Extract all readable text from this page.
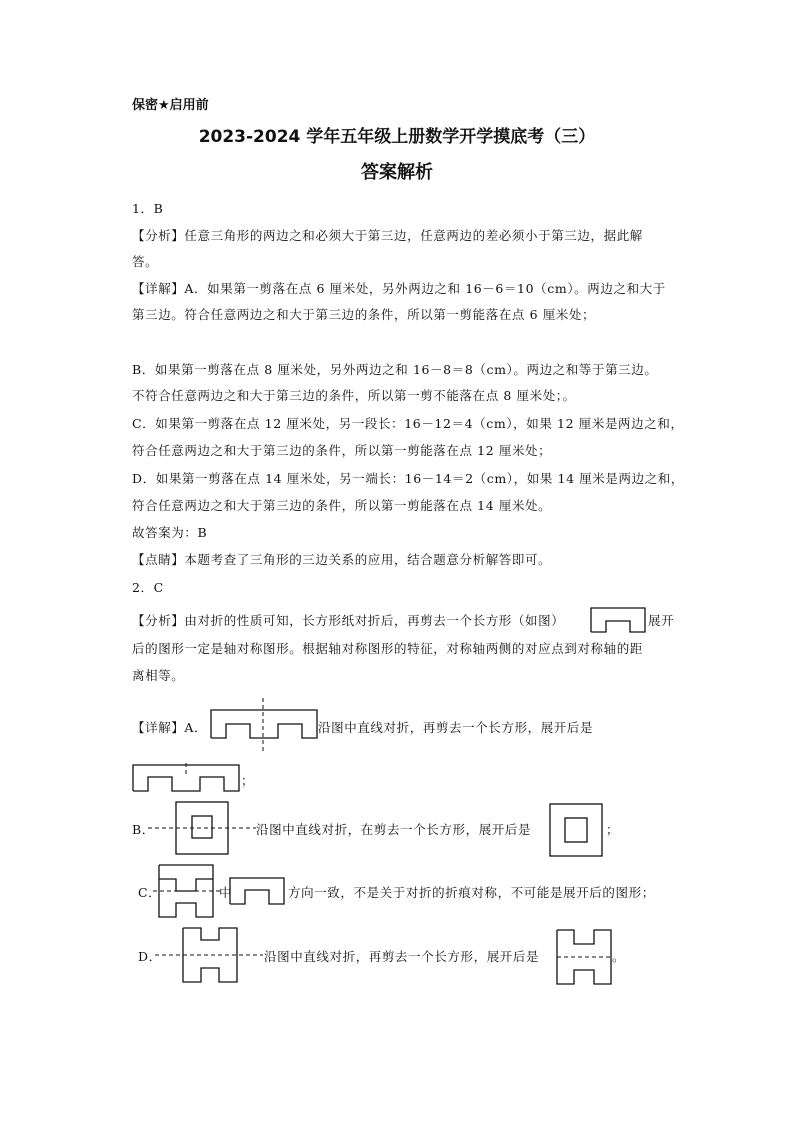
保密★启用前
2023-2024 学年五年级上册数学开学摸底考（三）
答案解析
1．B
【分析】任意三角形的两边之和必须大于第三边，任意两边的差必须小于第三边，据此解
答。
【详解】A．如果第一剪落在点 6 厘米处，另外两边之和 16－6＝10（cm）。两边之和大于
第三边。符合任意两边之和大于第三边的条件，所以第一剪能落在点 6 厘米处；
B．如果第一剪落在点 8 厘米处，另外两边之和 16－8＝8（cm）。两边之和等于第三边。
不符合任意两边之和大于第三边的条件，所以第一剪不能落在点 8 厘米处；。
C．如果第一剪落在点 12 厘米处，另一段长：16－12＝4（cm），如果 12 厘米是两边之和，
符合任意两边之和大于第三边的条件，所以第一剪能落在点 12 厘米处；
D．如果第一剪落在点 14 厘米处，另一端长：16－14＝2（cm），如果 14 厘米是两边之和，
符合任意两边之和大于第三边的条件，所以第一剪能落在点 14 厘米处。
故答案为：B
【点睛】本题考查了三角形的三边关系的应用，结合题意分析解答即可。
2．C
【分析】由对折的性质可知，长方形纸对折后，再剪去一个长方形（如图）	展开
后的图形一定是轴对称图形。根据轴对称图形的特征，对称轴两侧的对应点到对称轴的距
离相等。
【详解】A．	沿图中直线对折，再剪去一个长方形，展开后是
；
B．	沿图中直线对折，在剪去一个长方形，展开后是	；
C．	中	方向一致，不是关于对折的折痕对称，不可能是展开后的图形；
D．	沿图中直线对折，再剪去一个长方形，展开后是	。
